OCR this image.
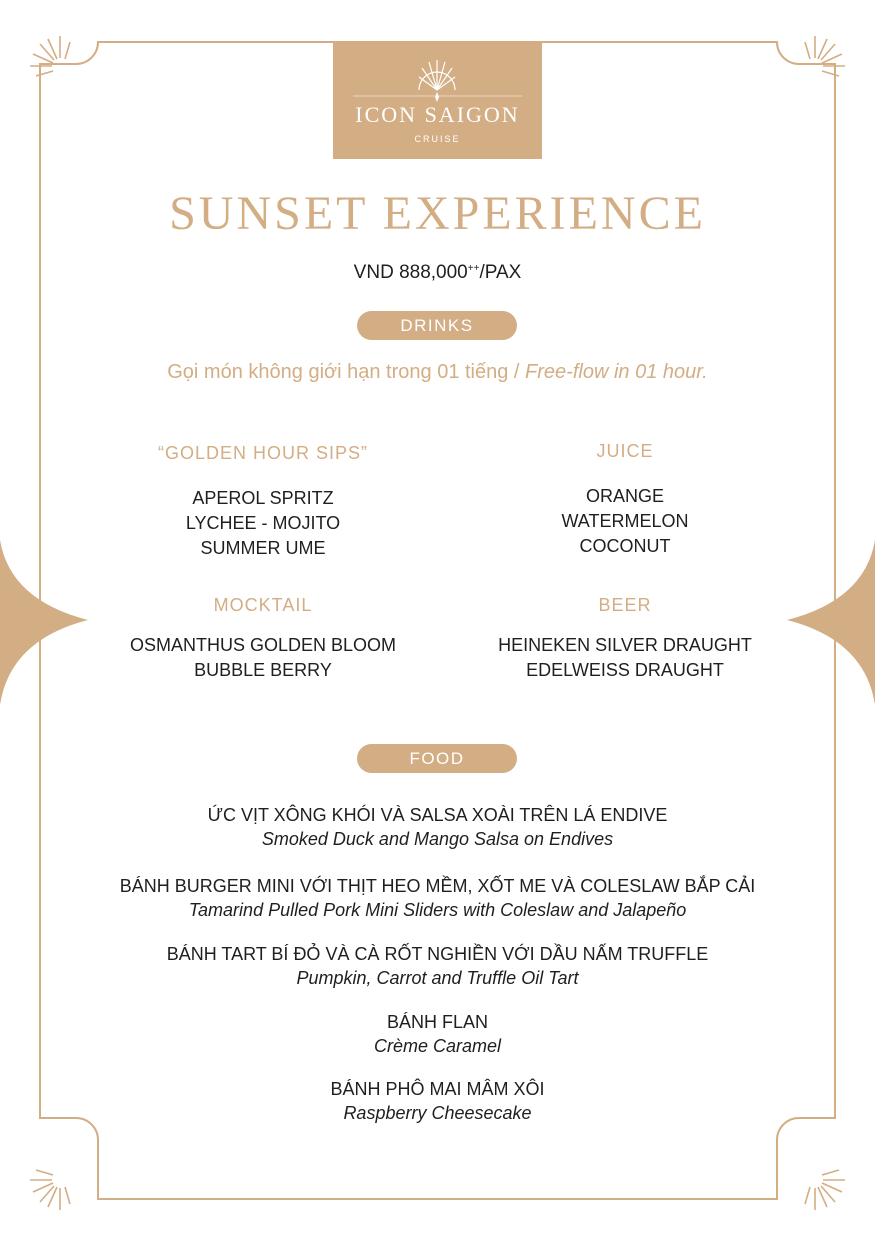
ICON SAIGON
CRUISE
SUNSET EXPERIENCE
VND 888,000++/PAX
DRINKS
Gọi món không giới hạn trong 01 tiếng / Free-flow in 01 hour.
“GOLDEN HOUR SIPS”
APEROL SPRITZ
LYCHEE - MOJITO
SUMMER UME
JUICE
ORANGE
WATERMELON
COCONUT
MOCKTAIL
OSMANTHUS GOLDEN BLOOM
BUBBLE BERRY
BEER
HEINEKEN SILVER DRAUGHT
EDELWEISS DRAUGHT
FOOD
ỨC VỊT XÔNG KHÓI VÀ SALSA XOÀI TRÊN LÁ ENDIVE
Smoked Duck and Mango Salsa on Endives
BÁNH BURGER MINI VỚI THỊT HEO MỀM, XỐT ME VÀ COLESLAW BẮP CẢI
Tamarind Pulled Pork Mini Sliders with Coleslaw and Jalapeño
BÁNH TART BÍ ĐỎ VÀ CÀ RỐT NGHIỀN VỚI DẦU NẤM TRUFFLE
Pumpkin, Carrot and Truffle Oil Tart
BÁNH FLAN
Crème Caramel
BÁNH PHÔ MAI MÂM XÔI
Raspberry Cheesecake
